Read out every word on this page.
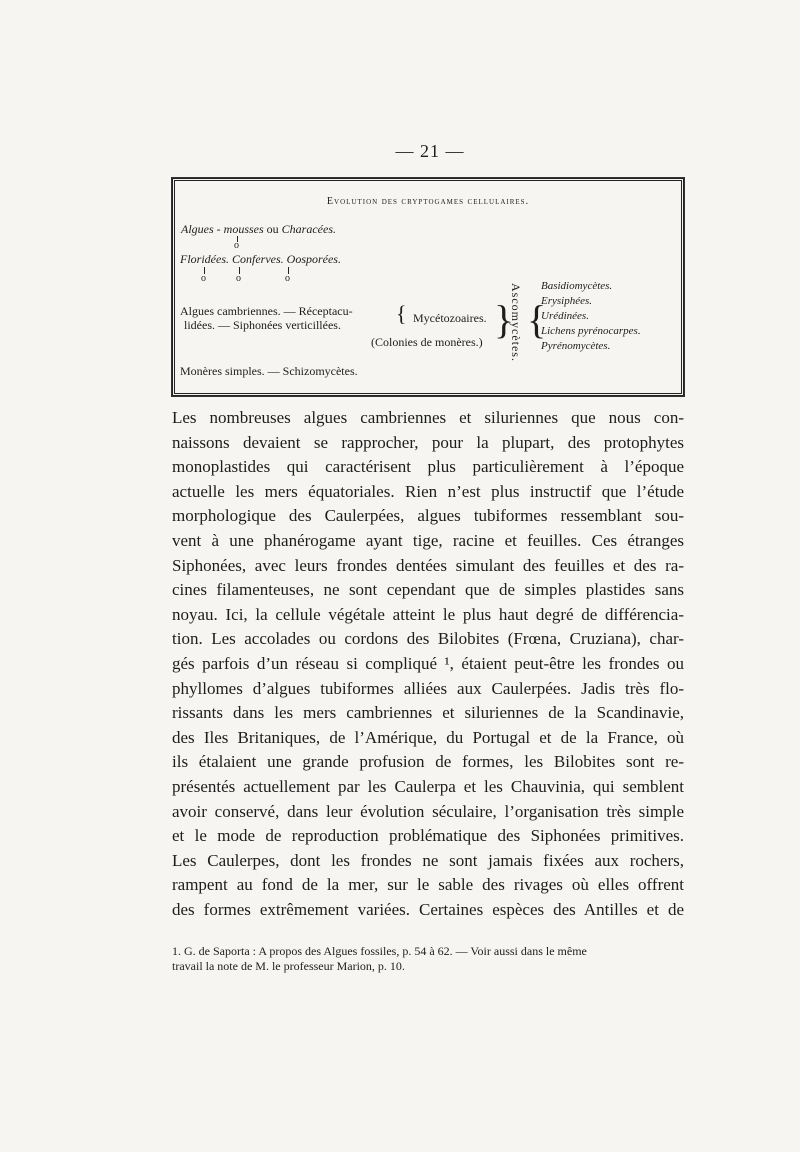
— 21 —
Evolution des cryptogames cellulaires.
Algues - mousses ou Characées.
o
Floridées. Conferves. Oosporées.
o	o	o
Algues cambriennes. — Réceptacu-
lidées. — Siphonées verticillées.	{ Mycétozoaires.
(Colonies de monères.) }
Ascomycètes. {
Basidiomycètes.
Erysiphées.
Urédinées.
Lichens pyrénocarpes.
Pyrénomycètes.
Monères simples. — Schizomycètes.
Les nombreuses algues cambriennes et siluriennes que nous con-
naissons devaient se rapprocher, pour la plupart, des protophytes
monoplastides qui caractérisent plus particulièrement à l’époque
actuelle les mers équatoriales. Rien n’est plus instructif que l’étude
morphologique des Caulerpées, algues tubiformes ressemblant sou-
vent à une phanérogame ayant tige, racine et feuilles. Ces étranges
Siphonées, avec leurs frondes dentées simulant des feuilles et des ra-
cines filamenteuses, ne sont cependant que de simples plastides sans
noyau. Ici, la cellule végétale atteint le plus haut degré de différencia-
tion. Les accolades ou cordons des Bilobites (Frœna, Cruziana), char-
gés parfois d’un réseau si compliqué ¹, étaient peut-être les frondes ou
phyllomes d’algues tubiformes alliées aux Caulerpées. Jadis très flo-
rissants dans les mers cambriennes et siluriennes de la Scandinavie,
des Iles Britaniques, de l’Amérique, du Portugal et de la France, où
ils étalaient une grande profusion de formes, les Bilobites sont re-
présentés actuellement par les Caulerpa et les Chauvinia, qui semblent
avoir conservé, dans leur évolution séculaire, l’organisation très simple
et le mode de reproduction problématique des Siphonées primitives.
Les Caulerpes, dont les frondes ne sont jamais fixées aux rochers,
rampent au fond de la mer, sur le sable des rivages où elles offrent
des formes extrêmement variées. Certaines espèces des Antilles et de
1. G. de Saporta : A propos des Algues fossiles, p. 54 à 62. — Voir aussi dans le même
travail la note de M. le professeur Marion, p. 10.
